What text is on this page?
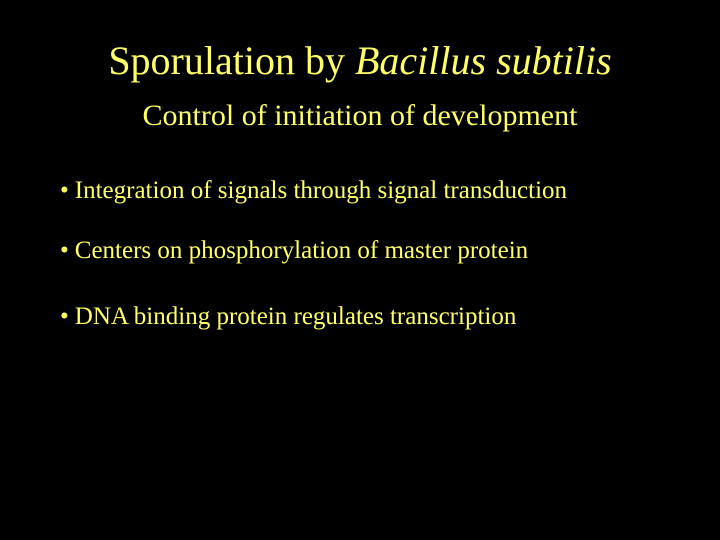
Sporulation by Bacillus subtilis
Control of initiation of development
• Integration of signals through signal transduction
• Centers on phosphorylation of master protein
• DNA binding protein regulates transcription
